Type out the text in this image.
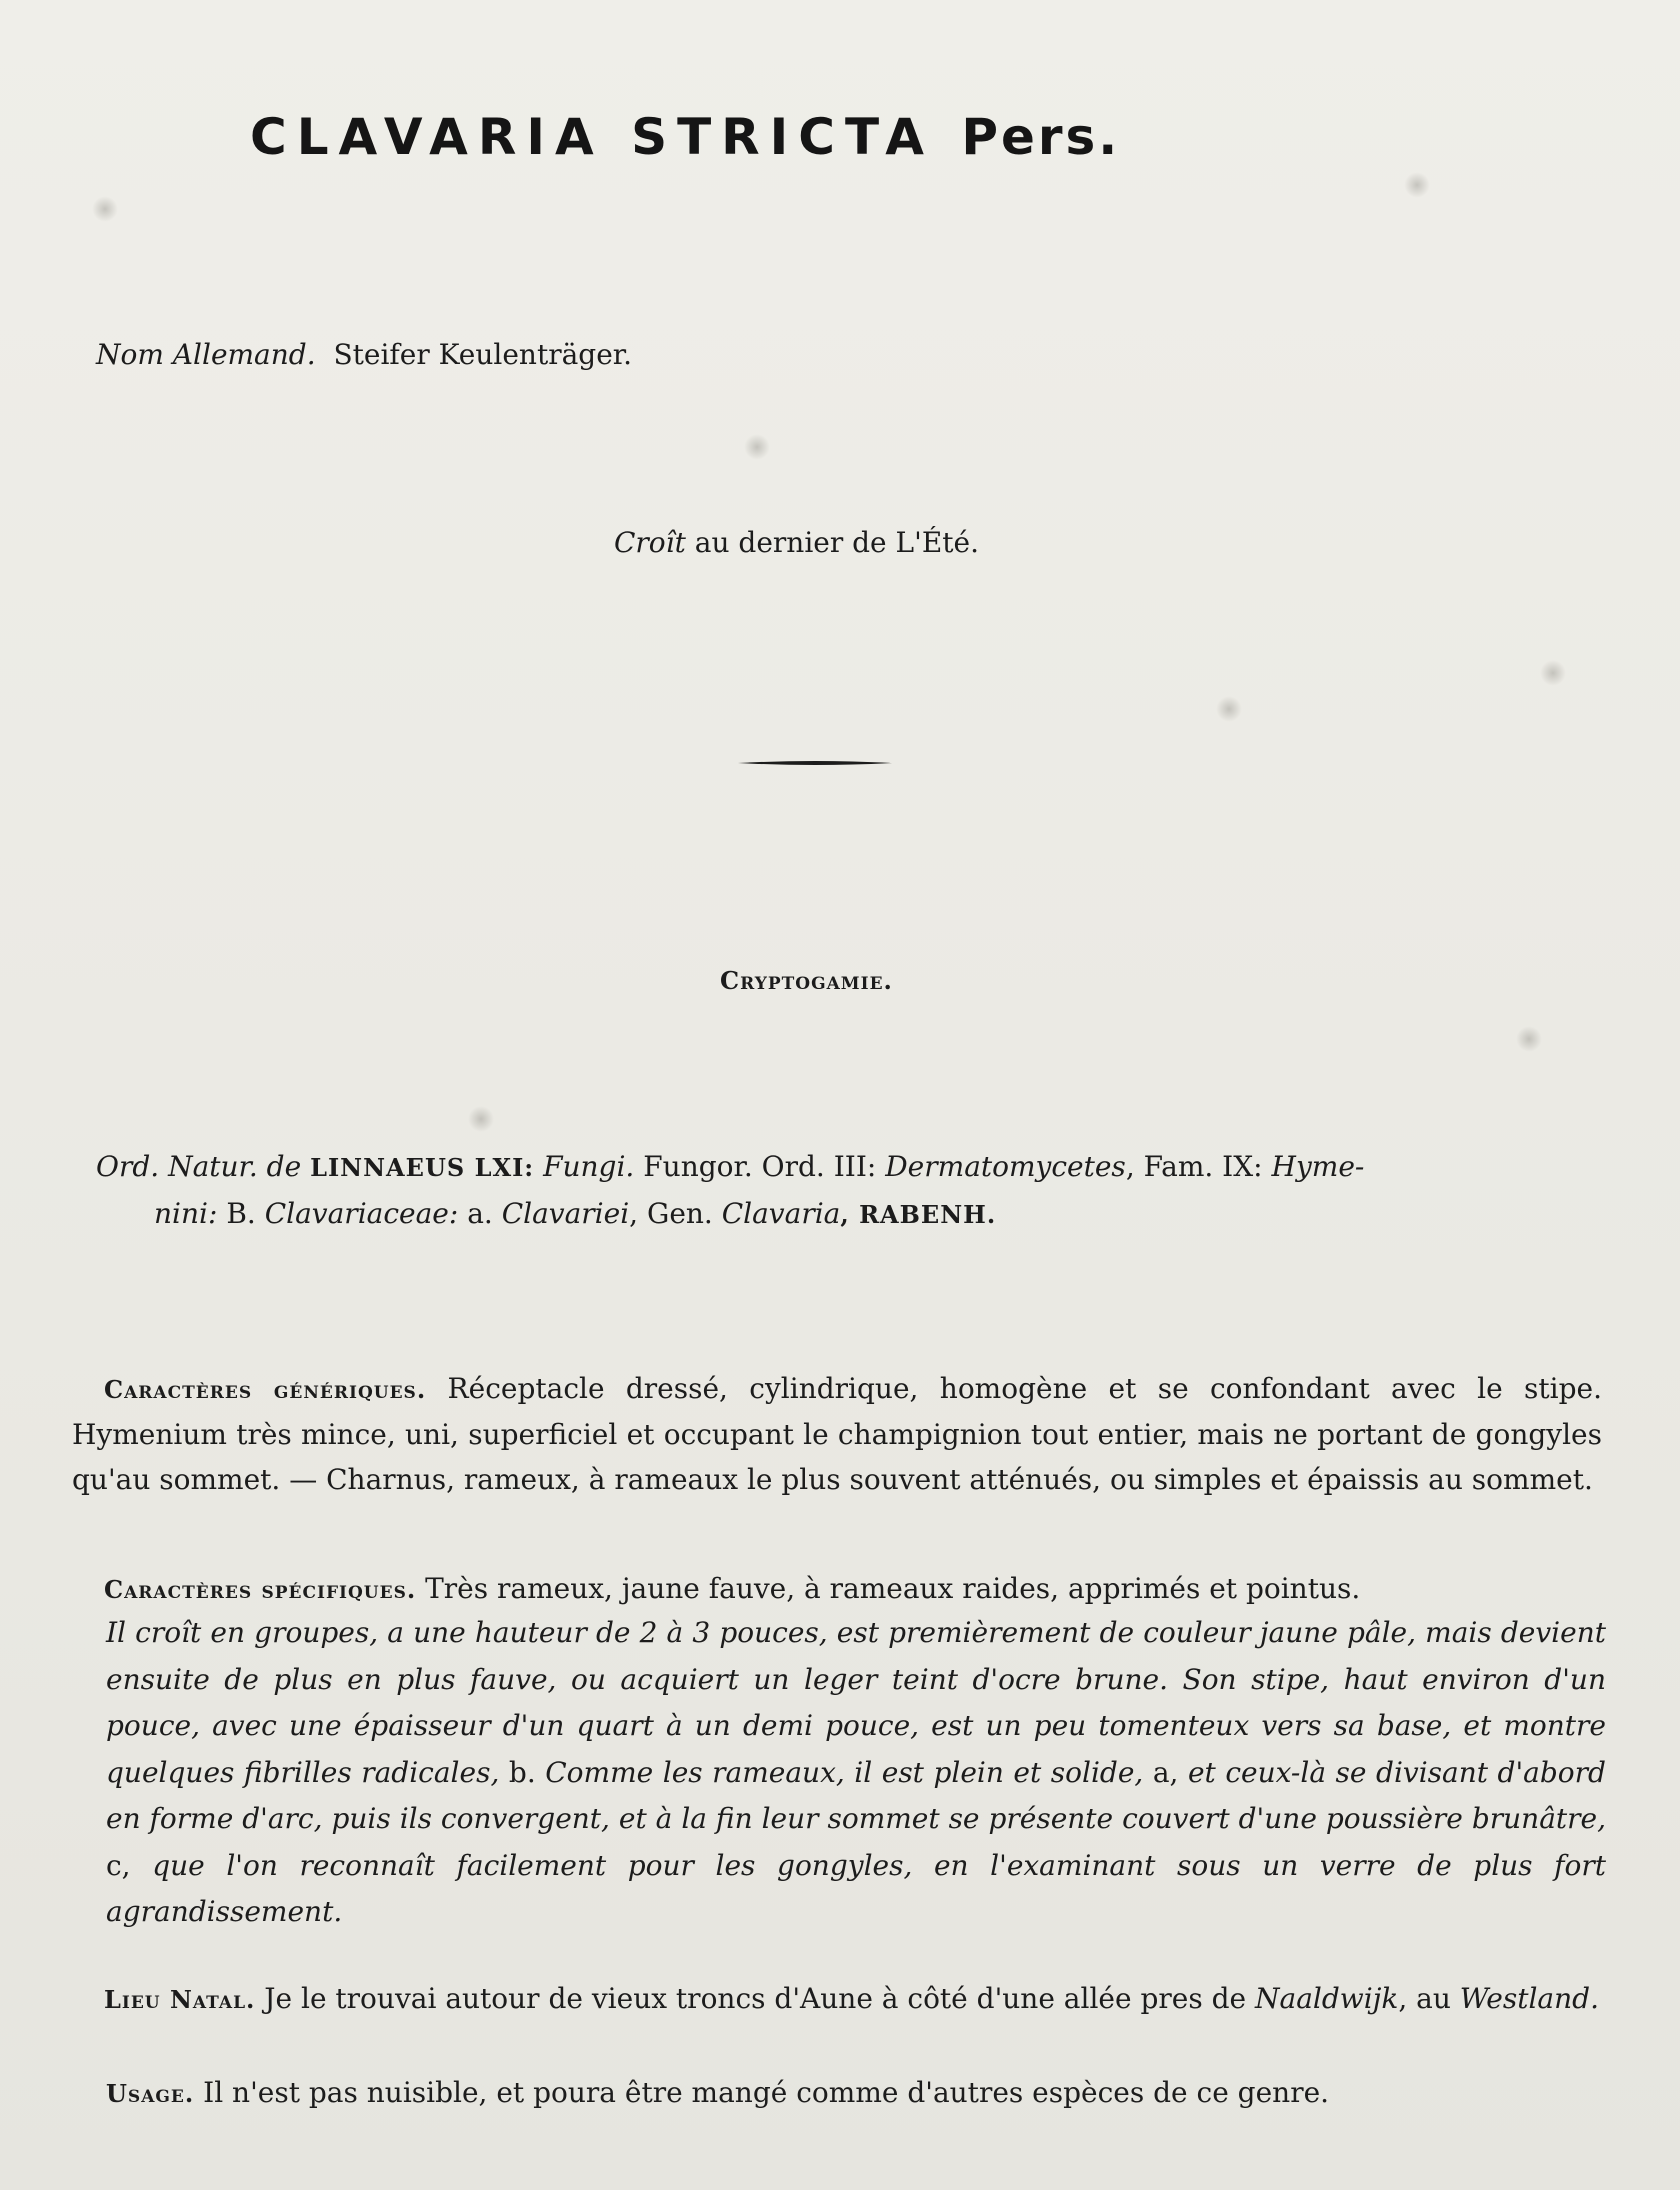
CLAVARIA STRICTA Pers.
Nom Allemand. Steifer Keulenträger.
Croît au dernier de L'Été.
Cryptogamie.
Ord. Natur. de LINNAEUS LXI: Fungi. Fungor. Ord. III: Dermatomycetes, Fam. IX: Hyme-
nini: B. Clavariaceae: a. Clavariei, Gen. Clavaria, RABENH.
Caractères génériques. Réceptacle dressé, cylindrique, homogène et se confondant avec le stipe. Hymenium très mince, uni, superficiel et occupant le champignion tout entier, mais ne portant de gongyles qu'au sommet. — Charnus, rameux, à rameaux le plus souvent atténués, ou simples et épaissis au sommet.
Caractères spécifiques. Très rameux, jaune fauve, à rameaux raides, apprimés et pointus.
Il croît en groupes, a une hauteur de 2 à 3 pouces, est premièrement de couleur jaune pâle, mais devient ensuite de plus en plus fauve, ou acquiert un leger teint d'ocre brune. Son stipe, haut environ d'un pouce, avec une épaisseur d'un quart à un demi pouce, est un peu tomenteux vers sa base, et montre quelques fibrilles radicales, b. Comme les rameaux, il est plein et solide, a, et ceux-là se divisant d'abord en forme d'arc, puis ils convergent, et à la fin leur sommet se présente couvert d'une poussière brunâtre, c, que l'on reconnaît facilement pour les gongyles, en l'examinant sous un verre de plus fort agrandissement.
Lieu Natal. Je le trouvai autour de vieux troncs d'Aune à côté d'une allée pres de Naaldwijk, au Westland.
Usage. Il n'est pas nuisible, et poura être mangé comme d'autres espèces de ce genre.
